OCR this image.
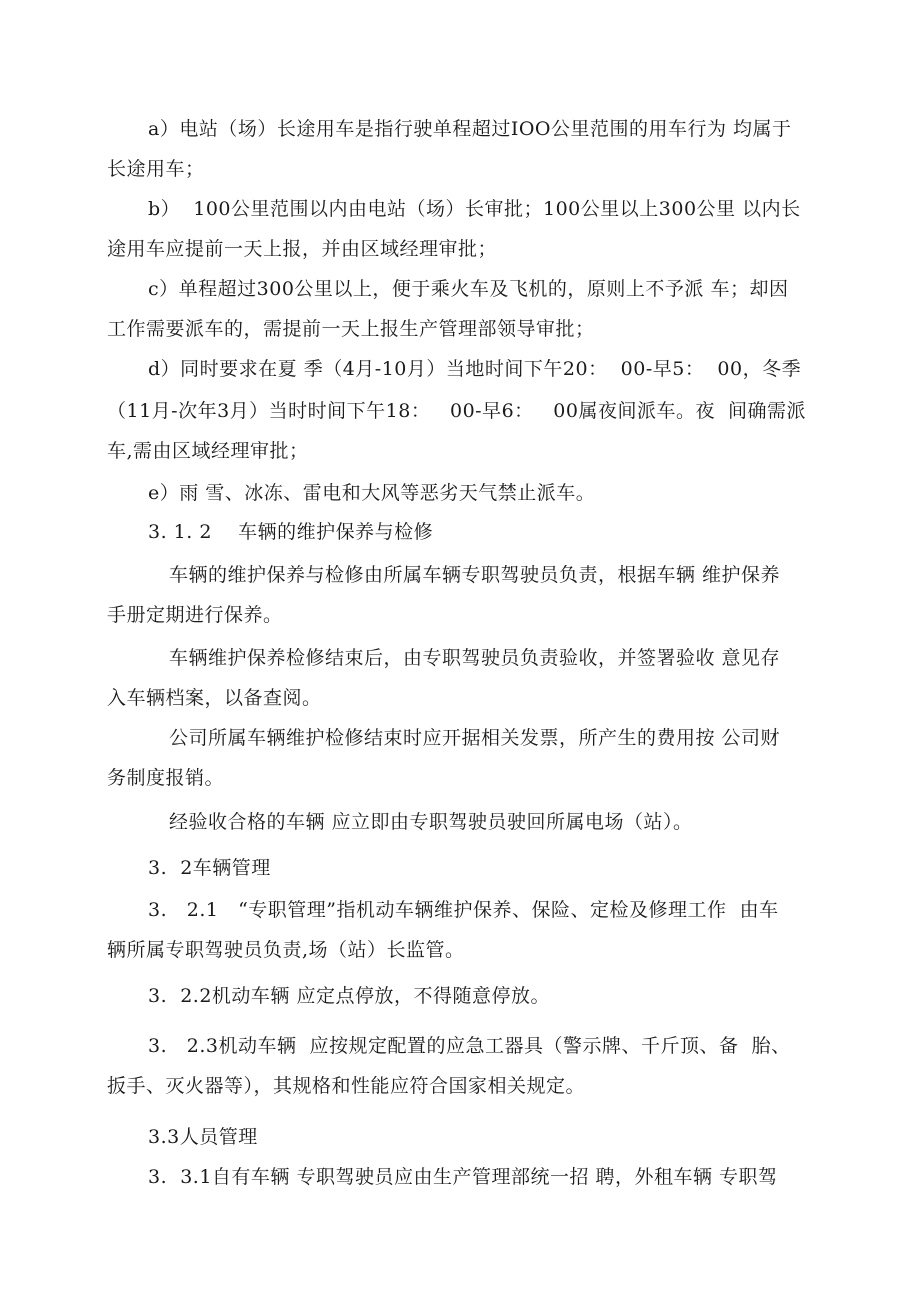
a）电站（场）长途用车是指行驶单程超过IOO公里范围的用车行为 均属于
长途用车；
b）  100公里范围以内由电站（场）长审批；100公里以上300公里 以内长
途用车应提前一天上报，并由区域经理审批；
c）单程超过300公里以上，便于乘火车及飞机的，原则上不予派 车；却因
工作需要派车的，需提前一天上报生产管理部领导审批；
d）同时要求在夏 季（4月-10月）当地时间下午20：  00-早5：  00，冬季
（11月-次年3月）当时时间下午18：   00-早6：   00属夜间派车。夜  间确需派
车,需由区域经理审批；
e）雨 雪、冰冻、雷电和大风等恶劣天气禁止派车。
3. 1. 2    车辆的维护保养与检修
车辆的维护保养与检修由所属车辆专职驾驶员负责，根据车辆 维护保养
手册定期进行保养。
车辆维护保养检修结束后，由专职驾驶员负责验收，并签署验收 意见存
入车辆档案，以备查阅。
公司所属车辆维护检修结束时应开据相关发票，所产生的费用按 公司财
务制度报销。
经验收合格的车辆 应立即由专职驾驶员驶回所属电场（站）。
3.  2车辆管理
3.   2.1   “专职管理”指机动车辆维护保养、保险、定检及修理工作  由车
辆所属专职驾驶员负责,场（站）长监管。
3.  2.2机动车辆 应定点停放，不得随意停放。
3.   2.3机动车辆  应按规定配置的应急工器具（警示牌、千斤顶、备  胎、
扳手、灭火器等），其规格和性能应符合国家相关规定。
3.3人员管理
3.  3.1自有车辆 专职驾驶员应由生产管理部统一招 聘，外租车辆 专职驾
